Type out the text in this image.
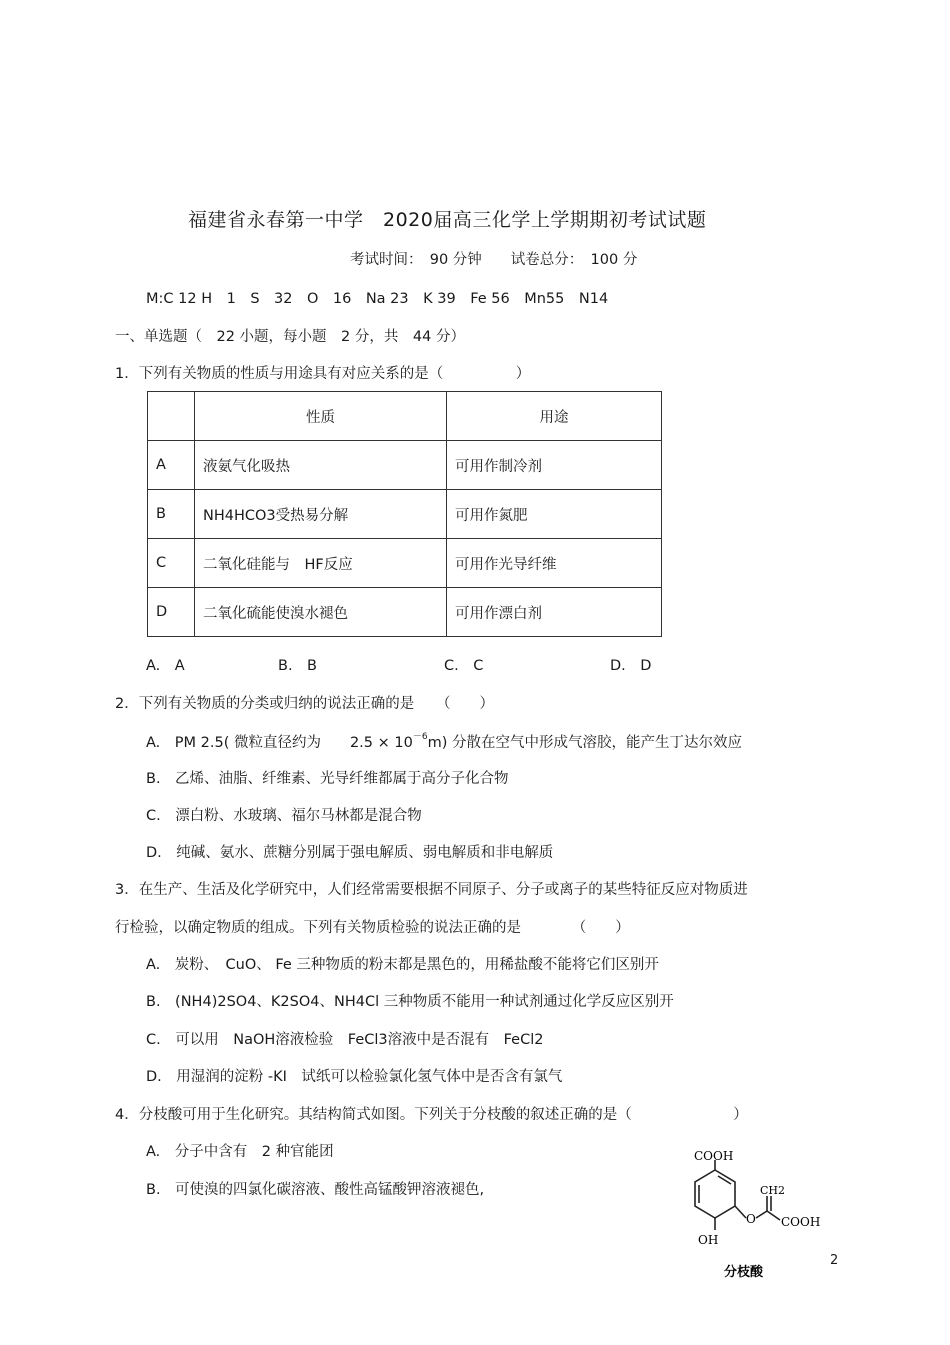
福建省永春第一中学　2020届高三化学上学期期初考试试题
考试时间：　90 分钟　　试卷总分：　100 分
M:C 12 H　1　S　32　O　16　Na 23　K 39　Fe 56　Mn55　N14
一、单选题（　22 小题，每小题　2 分，共　44 分）
1．下列有关物质的性质与用途具有对应关系的是（　　　　　）
	性质	用途
A	液氨气化吸热	可用作制冷剂
B	NH4HCO3受热易分解	可用作氮肥
C	二氧化硅能与　HF反应	可用作光导纤维
D	二氧化硫能使溴水褪色	可用作漂白剂
A.　A	B.　B	C.　C	D.　D
2．下列有关物质的分类或归纳的说法正确的是　　（　　）
A.　PM 2.5( 微粒直径约为　　$2.5 \times 10^{-6}m$) 分散在空气中形成气溶胶，能产生丁达尔效应
B.　乙烯、油脂、纤维素、光导纤维都属于高分子化合物
C.　漂白粉、水玻璃、福尔马林都是混合物
D.　纯碱、氨水、蔗糖分别属于强电解质、弱电解质和非电解质
3．在生产、生活及化学研究中，人们经常需要根据不同原子、分子或离子的某些特征反应对物质进
行检验，以确定物质的组成。下列有关物质检验的说法正确的是　　　　（　　）
A.　炭粉、　CuO、 Fe 三种物质的粉末都是黑色的，用稀盐酸不能将它们区别开
B.　(NH4)2SO4、K2SO4、NH4Cl 三种物质不能用一种试剂通过化学反应区别开
C.　可以用　NaOH溶液检验　FeCl3溶液中是否混有　FeCl2
D.　用湿润的淀粉 -KI　试纸可以检验氯化氢气体中是否含有氯气
4．分枝酸可用于生化研究。其结构简式如图。下列关于分枝酸的叙述正确的是（　　　　　　　）
A.　分子中含有　2 种官能团
B.　可使溴的四氯化碳溶液、酸性高锰酸钾溶液褪色,
COOH
CH2
O COOH
OH
分枝酸
2
